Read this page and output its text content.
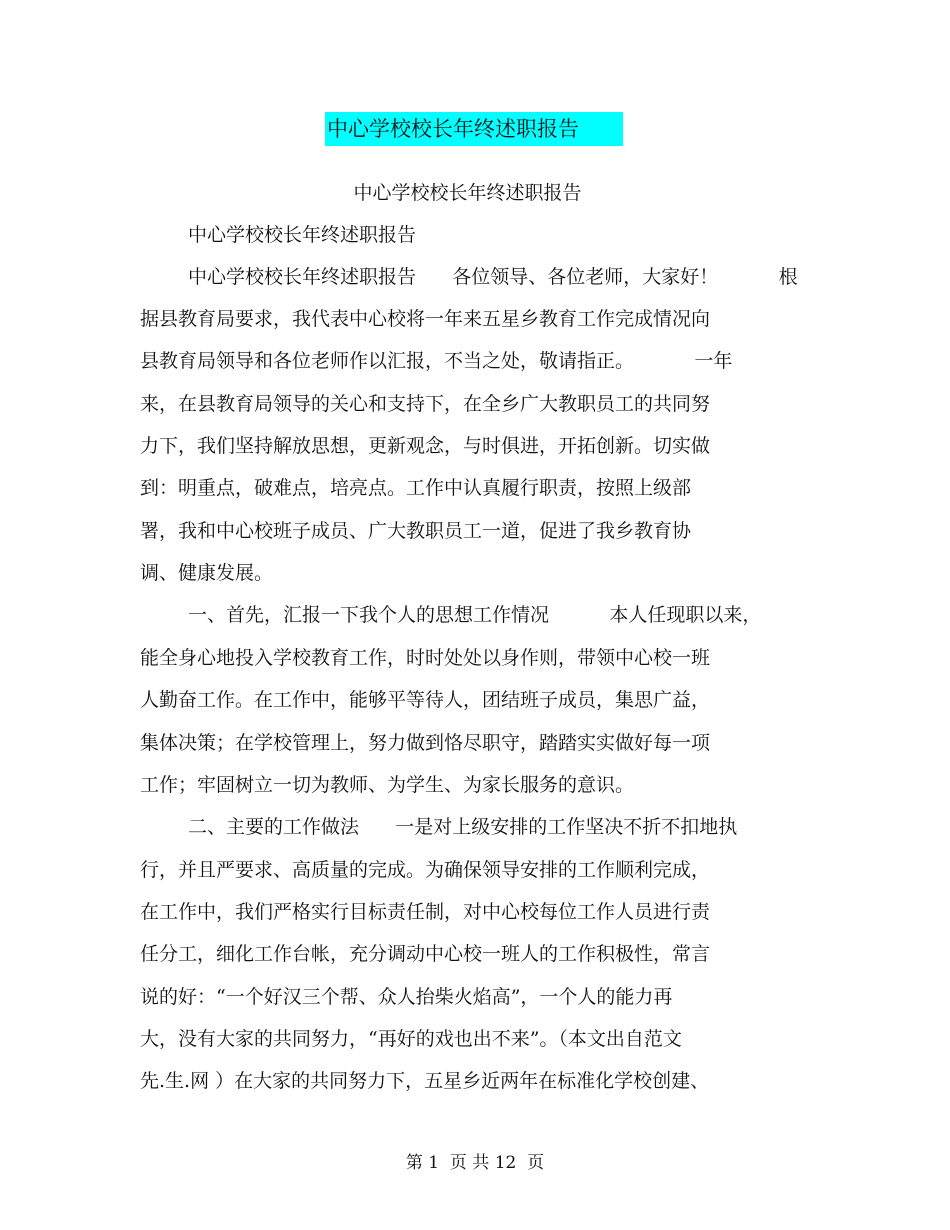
中心学校校长年终述职报告
中心学校校长年终述职报告
中心学校校长年终述职报告
中心学校校长年终述职报告      各位领导、各位老师，大家好！          根
据县教育局要求，我代表中心校将一年来五星乡教育工作完成情况向
县教育局领导和各位老师作以汇报，不当之处，敬请指正。          一年
来，在县教育局领导的关心和支持下，在全乡广大教职员工的共同努
力下，我们坚持解放思想，更新观念，与时俱进，开拓创新。切实做
到：明重点，破难点，培亮点。工作中认真履行职责，按照上级部
署，我和中心校班子成员、广大教职员工一道，促进了我乡教育协
调、健康发展。
一、首先，汇报一下我个人的思想工作情况          本人任现职以来，
能全身心地投入学校教育工作，时时处处以身作则，带领中心校一班
人勤奋工作。在工作中，能够平等待人，团结班子成员，集思广益，
集体决策；在学校管理上，努力做到恪尽职守，踏踏实实做好每一项
工作；牢固树立一切为教师、为学生、为家长服务的意识。
二、主要的工作做法      一是对上级安排的工作坚决不折不扣地执
行，并且严要求、高质量的完成。为确保领导安排的工作顺利完成，
在工作中，我们严格实行目标责任制，对中心校每位工作人员进行责
任分工，细化工作台帐，充分调动中心校一班人的工作积极性，常言
说的好：“一个好汉三个帮、众人抬柴火焰高”，一个人的能力再
大，没有大家的共同努力，“再好的戏也出不来”。（本文出自范文
先.生.网 ）在大家的共同努力下，五星乡近两年在标准化学校创建、
第 1  页 共 12  页
